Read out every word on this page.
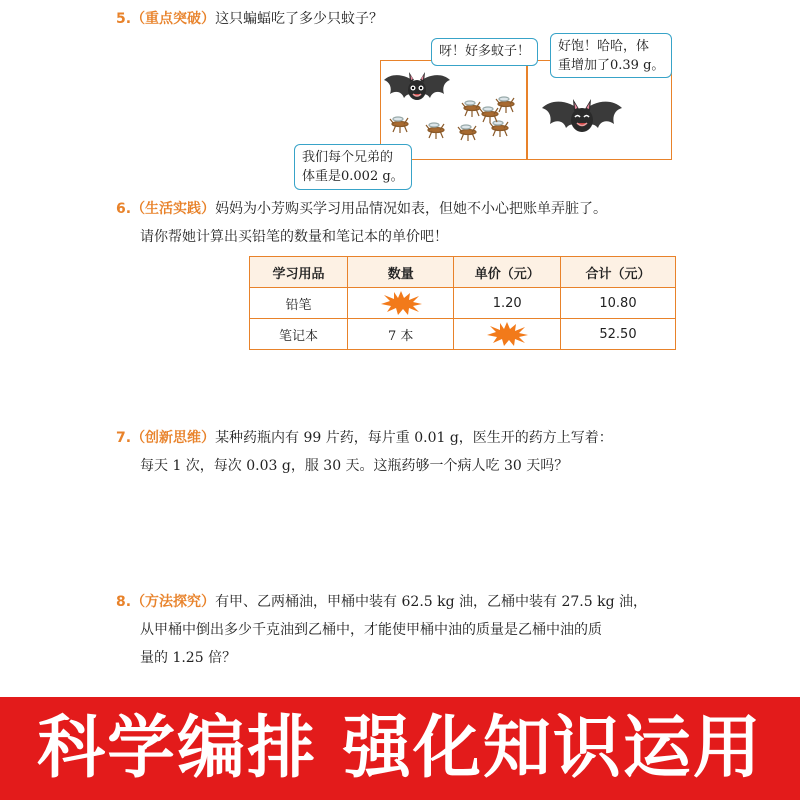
5.（重点突破）这只蝙蝠吃了多少只蚊子？
呀！好多蚊子！	好饱！哈哈，体
重增加了0.39 g。
我们每个兄弟的
体重是0.002 g。
6.（生活实践）妈妈为小芳购买学习用品情况如表，但她不小心把账单弄脏了。
请你帮她计算出买铅笔的数量和笔记本的单价吧！
学习用品	数量	单价（元）	合计（元）
铅笔		1.20	10.80
笔记本	7 本		52.50
7.（创新思维）某种药瓶内有 99 片药，每片重 0.01 g，医生开的药方上写着：
每天 1 次，每次 0.03 g，服 30 天。这瓶药够一个病人吃 30 天吗？
8.（方法探究）有甲、乙两桶油，甲桶中装有 62.5 kg 油，乙桶中装有 27.5 kg 油，
从甲桶中倒出多少千克油到乙桶中，才能使甲桶中油的质量是乙桶中油的质
量的 1.25 倍？
科学编排 强化知识运用
